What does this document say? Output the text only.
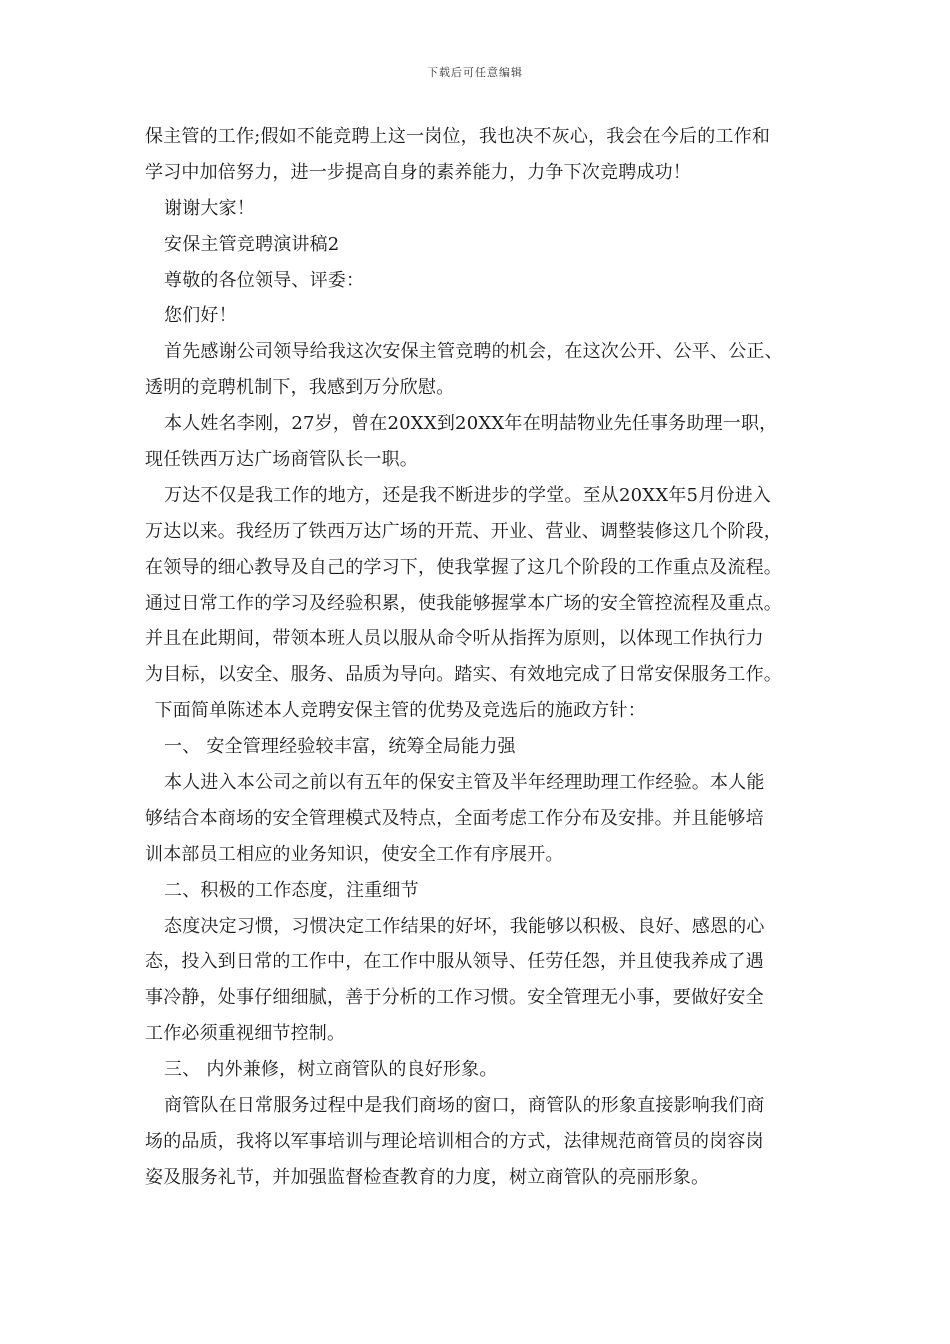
下载后可任意编辑
保主管的工作;假如不能竞聘上这一岗位，我也决不灰心，我会在今后的工作和
学习中加倍努力，进一步提高自身的素养能力，力争下次竞聘成功！
谢谢大家！
安保主管竞聘演讲稿2
尊敬的各位领导、评委：
您们好！
首先感谢公司领导给我这次安保主管竞聘的机会，在这次公开、公平、公正、
透明的竞聘机制下，我感到万分欣慰。
本人姓名李刚，27岁，曾在20XX到20XX年在明喆物业先任事务助理一职，
现任铁西万达广场商管队长一职。
万达不仅是我工作的地方，还是我不断进步的学堂。至从20XX年5月份进入
万达以来。我经历了铁西万达广场的开荒、开业、营业、调整装修这几个阶段，
在领导的细心教导及自己的学习下，使我掌握了这几个阶段的工作重点及流程。
通过日常工作的学习及经验积累，使我能够握掌本广场的安全管控流程及重点。
并且在此期间，带领本班人员以服从命令听从指挥为原则，以体现工作执行力
为目标，以安全、服务、品质为导向。踏实、有效地完成了日常安保服务工作。
下面简单陈述本人竞聘安保主管的优势及竞选后的施政方针：
一、 安全管理经验较丰富，统筹全局能力强
本人进入本公司之前以有五年的保安主管及半年经理助理工作经验。本人能
够结合本商场的安全管理模式及特点，全面考虑工作分布及安排。并且能够培
训本部员工相应的业务知识，使安全工作有序展开。
二、积极的工作态度，注重细节
态度决定习惯，习惯决定工作结果的好坏，我能够以积极、良好、感恩的心
态，投入到日常的工作中，在工作中服从领导、任劳任怨，并且使我养成了遇
事冷静，处事仔细细腻，善于分析的工作习惯。安全管理无小事，要做好安全
工作必须重视细节控制。
三、 内外兼修，树立商管队的良好形象。
商管队在日常服务过程中是我们商场的窗口，商管队的形象直接影响我们商
场的品质，我将以军事培训与理论培训相合的方式，法律规范商管员的岗容岗
姿及服务礼节，并加强监督检查教育的力度，树立商管队的亮丽形象。
